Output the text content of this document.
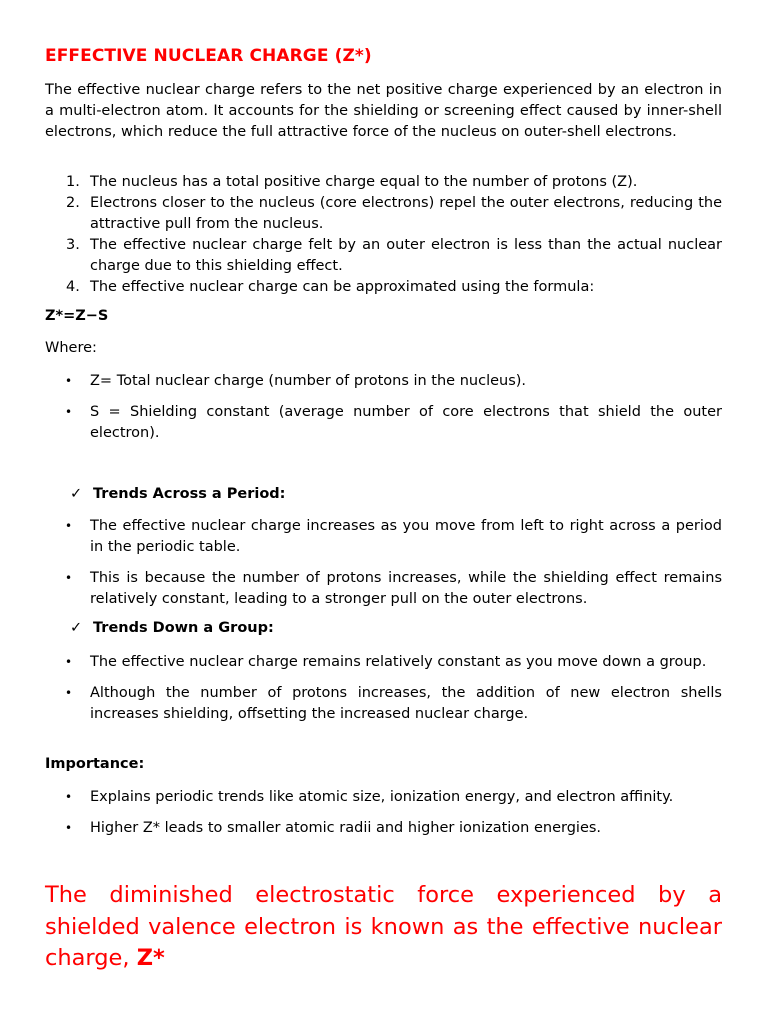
EFFECTIVE NUCLEAR CHARGE (Z*)

The effective nuclear charge refers to the net positive charge experienced by an electron in a multi-electron atom. It accounts for the shielding or screening effect caused by inner-shell electrons, which reduce the full attractive force of the nucleus on outer-shell electrons.

1. The nucleus has a total positive charge equal to the number of protons (Z).
2. Electrons closer to the nucleus (core electrons) repel the outer electrons, reducing the attractive pull from the nucleus.
3. The effective nuclear charge felt by an outer electron is less than the actual nuclear charge due to this shielding effect.
4. The effective nuclear charge can be approximated using the formula:

Z*=Z−S

Where:

• Z= Total nuclear charge (number of protons in the nucleus).
• S = Shielding constant (average number of core electrons that shield the outer electron).

✓ Trends Across a Period:

• The effective nuclear charge increases as you move from left to right across a period in the periodic table.
• This is because the number of protons increases, while the shielding effect remains relatively constant, leading to a stronger pull on the outer electrons.

✓ Trends Down a Group:

• The effective nuclear charge remains relatively constant as you move down a group.
• Although the number of protons increases, the addition of new electron shells increases shielding, offsetting the increased nuclear charge.

Importance:

• Explains periodic trends like atomic size, ionization energy, and electron affinity.
• Higher Z* leads to smaller atomic radii and higher ionization energies.

The diminished electrostatic force experienced by a shielded valence electron is known as the effective nuclear charge, Z*
